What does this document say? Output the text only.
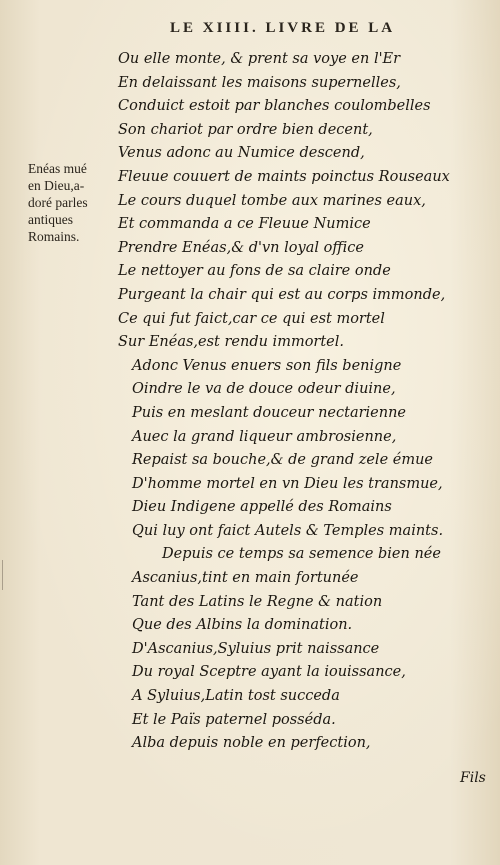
LE XIIII. LIVRE DE LA
Enéas mué
en Dieu,a-
doré parles
antiques
Romains.
Ou elle monte, & prent sa voye en l'Er
En delaissant les maisons supernelles,
Conduict estoit par blanches coulombelles
Son chariot par ordre bien decent,
Venus adonc au Numice descend,
Fleuue couuert de maints poinctus Rouseaux
Le cours duquel tombe aux marines eaux,
Et commanda a ce Fleuue Numice
Prendre Enéas,& d'vn loyal office
Le nettoyer au fons de sa claire onde
Purgeant la chair qui est au corps immonde,
Ce qui fut faict,car ce qui est mortel
Sur Enéas,est rendu immortel.
Adonc Venus enuers son fils benigne
Oindre le va de douce odeur diuine,
Puis en meslant douceur nectarienne
Auec la grand liqueur ambrosienne,
Repaist sa bouche,& de grand zele émue
D'homme mortel en vn Dieu les transmue,
Dieu Indigene appellé des Romains
Qui luy ont faict Autels & Temples maints.
Depuis ce temps sa semence bien née
Ascanius,tint en main fortunée
Tant des Latins le Regne & nation
Que des Albins la domination.
D'Ascanius,Syluius prit naissance
Du royal Sceptre ayant la iouissance,
A Syluius,Latin tost succeda
Et le Païs paternel posséda.
Alba depuis noble en perfection,
Fils
